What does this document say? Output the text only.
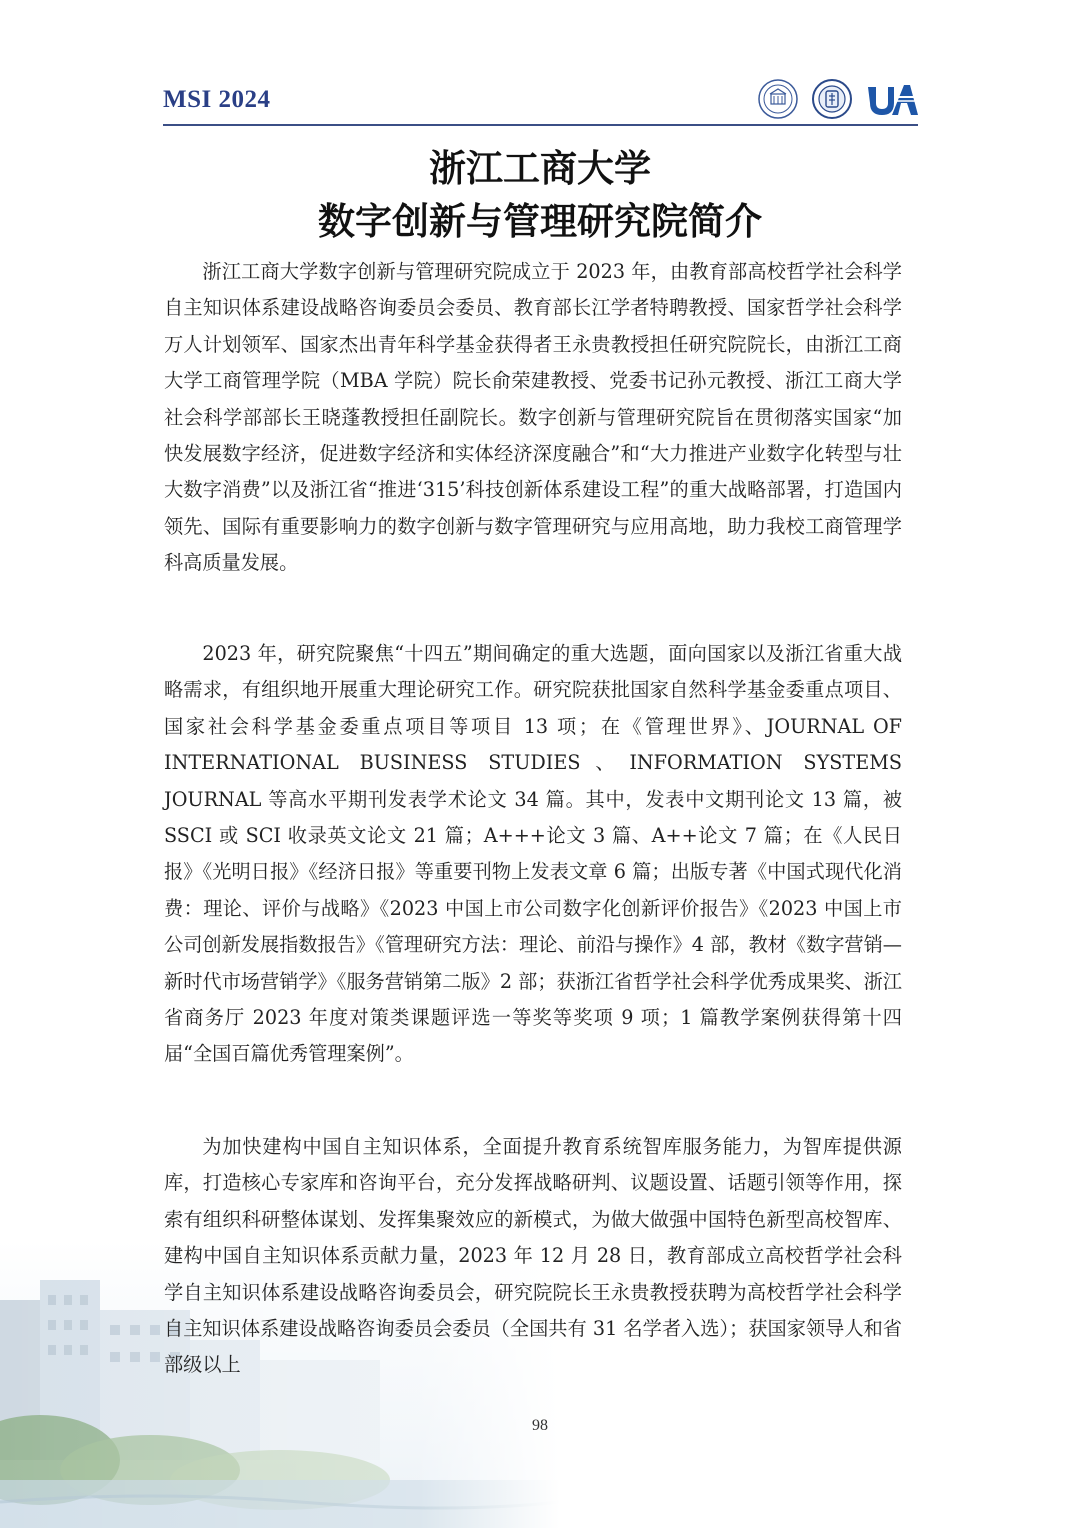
MSI 2024
浙江工商大学
数字创新与管理研究院简介

浙江工商大学数字创新与管理研究院成立于 2023 年，由教育部高校哲学社会科学自主知识体系建设战略咨询委员会委员、教育部长江学者特聘教授、国家哲学社会科学万人计划领军、国家杰出青年科学基金获得者王永贵教授担任研究院院长，由浙江工商大学工商管理学院（MBA 学院）院长俞荣建教授、党委书记孙元教授、浙江工商大学社会科学部部长王晓蓬教授担任副院长。数字创新与管理研究院旨在贯彻落实国家“加快发展数字经济，促进数字经济和实体经济深度融合”和“大力推进产业数字化转型与壮大数字消费”以及浙江省“推进‘315’科技创新体系建设工程”的重大战略部署，打造国内领先、国际有重要影响力的数字创新与数字管理研究与应用高地，助力我校工商管理学科高质量发展。

2023 年，研究院聚焦“十四五”期间确定的重大选题，面向国家以及浙江省重大战略需求，有组织地开展重大理论研究工作。研究院获批国家自然科学基金委重点项目、国家社会科学基金委重点项目等项目 13 项；在《管理世界》、JOURNAL OF INTERNATIONAL BUSINESS STUDIES、INFORMATION SYSTEMS JOURNAL 等高水平期刊发表学术论文 34 篇。其中，发表中文期刊论文 13 篇，被 SSCI 或 SCI 收录英文论文 21 篇；A+++论文 3 篇、A++论文 7 篇；在《人民日报》《光明日报》《经济日报》等重要刊物上发表文章 6 篇；出版专著《中国式现代化消费：理论、评价与战略》《2023 中国上市公司数字化创新评价报告》《2023 中国上市公司创新发展指数报告》《管理研究方法：理论、前沿与操作》4 部，教材《数字营销—新时代市场营销学》《服务营销第二版》2 部；获浙江省哲学社会科学优秀成果奖、浙江省商务厅 2023 年度对策类课题评选一等奖等奖项 9 项；1 篇教学案例获得第十四届“全国百篇优秀管理案例”。

为加快建构中国自主知识体系，全面提升教育系统智库服务能力，为智库提供源库，打造核心专家库和咨询平台，充分发挥战略研判、议题设置、话题引领等作用，探索有组织科研整体谋划、发挥集聚效应的新模式，为做大做强中国特色新型高校智库、建构中国自主知识体系贡献力量，2023 年 12 月 28 日，教育部成立高校哲学社会科学自主知识体系建设战略咨询委员会，研究院院长王永贵教授获聘为高校哲学社会科学自主知识体系建设战略咨询委员会委员（全国共有 31 名学者入选）；获国家领导人和省部级以上

98
